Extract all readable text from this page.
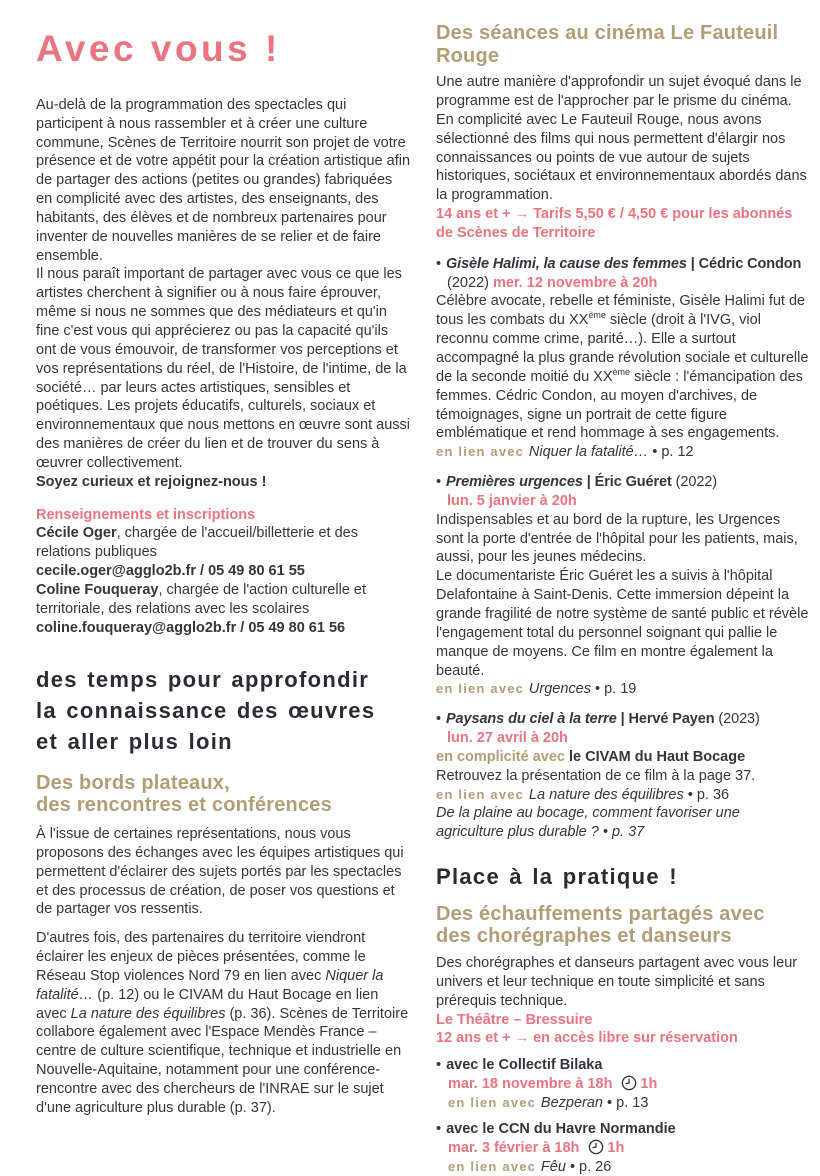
Avec vous !

Au-delà de la programmation des spectacles qui participent à nous rassembler et à créer une culture commune, Scènes de Territoire nourrit son projet de votre présence et de votre appétit pour la création artistique afin de partager des actions (petites ou grandes) fabriquées en complicité avec des artistes, des enseignants, des habitants, des élèves et de nombreux partenaires pour inventer de nouvelles manières de se relier et de faire ensemble.

Il nous paraît important de partager avec vous ce que les artistes cherchent à signifier ou à nous faire éprouver, même si nous ne sommes que des médiateurs et qu'in fine c'est vous qui apprécierez ou pas la capacité qu'ils ont de vous émouvoir, de transformer vos perceptions et vos représentations du réel, de l'Histoire, de l'intime, de la société… par leurs actes artistiques, sensibles et poétiques. Les projets éducatifs, culturels, sociaux et environnementaux que nous mettons en œuvre sont aussi des manières de créer du lien et de trouver du sens à œuvrer collectivement.

Soyez curieux et rejoignez-nous !

Renseignements et inscriptions

Cécile Oger, chargée de l'accueil/billetterie et des relations publiques

cecile.oger@agglo2b.fr / 05 49 80 61 55

Coline Fouqueray, chargée de l'action culturelle et territoriale, des relations avec les scolaires

coline.fouqueray@agglo2b.fr / 05 49 80 61 56

des temps pour approfondir
la connaissance des œuvres
et aller plus loin
Des bords plateaux,
des rencontres et conférences

À l'issue de certaines représentations, nous vous proposons des échanges avec les équipes artistiques qui permettent d'éclairer des sujets portés par les spectacles et des processus de création, de poser vos questions et de partager vos ressentis.

D'autres fois, des partenaires du territoire viendront éclairer les enjeux de pièces présentées, comme le Réseau Stop violences Nord 79 en lien avec Niquer la fatalité… (p. 12) ou le CIVAM du Haut Bocage en lien avec La nature des équilibres (p. 36). Scènes de Territoire collabore également avec l'Espace Mendès France – centre de culture scientifique, technique et industrielle en Nouvelle-Aquitaine, notamment pour une conférence-rencontre avec des chercheurs de l'INRAE sur le sujet d'une agriculture plus durable (p. 37).

Des séances au cinéma Le Fauteuil
Rouge

Une autre manière d'approfondir un sujet évoqué dans le programme est de l'approcher par le prisme du cinéma. En complicité avec Le Fauteuil Rouge, nous avons sélectionné des films qui nous permettent d'élargir nos connaissances ou points de vue autour de sujets historiques, sociétaux et environnementaux abordés dans la programmation.

14 ans et + → Tarifs 5,50 € / 4,50 € pour les abonnés de Scènes de Territoire

• Gisèle Halimi, la cause des femmes | Cédric Condon
(2022) mer. 12 novembre à 20h

Célèbre avocate, rebelle et féministe, Gisèle Halimi fut de tous les combats du XXème siècle (droit à l'IVG, viol reconnu comme crime, parité…). Elle a surtout accompagné la plus grande révolution sociale et culturelle de la seconde moitié du XXème siècle : l'émancipation des femmes. Cédric Condon, au moyen d'archives, de témoignages, signe un portrait de cette figure emblématique et rend hommage à ses engagements.

en lien avec Niquer la fatalité… • p. 12
• Premières urgences | Éric Guéret (2022)
lun. 5 janvier à 20h

Indispensables et au bord de la rupture, les Urgences sont la porte d'entrée de l'hôpital pour les patients, mais, aussi, pour les jeunes médecins.

Le documentariste Éric Guéret les a suivis à l'hôpital Delafontaine à Saint-Denis. Cette immersion dépeint la grande fragilité de notre système de santé public et révèle l'engagement total du personnel soignant qui pallie le manque de moyens. Ce film en montre également la beauté.

en lien avec Urgences • p. 19
• Paysans du ciel à la terre | Hervé Payen (2023)
lun. 27 avril à 20h
en complicité avec le CIVAM du Haut Bocage

Retrouvez la présentation de ce film à la page 37.

en lien avec La nature des équilibres • p. 36

De la plaine au bocage, comment favoriser une agriculture plus durable ? • p. 37

Place à la pratique !
Des échauffements partagés avec
des chorégraphes et danseurs

Des chorégraphes et danseurs partagent avec vous leur univers et leur technique en toute simplicité et sans prérequis technique.

Le Théâtre – Bressuire

12 ans et + → en accès libre sur réservation

• avec le Collectif Bilaka
mar. 18 novembre à 18h 1h
en lien avec Bezperan • p. 13
• avec le CCN du Havre Normandie
mar. 3 février à 18h 1h
en lien avec Fêu • p. 26
